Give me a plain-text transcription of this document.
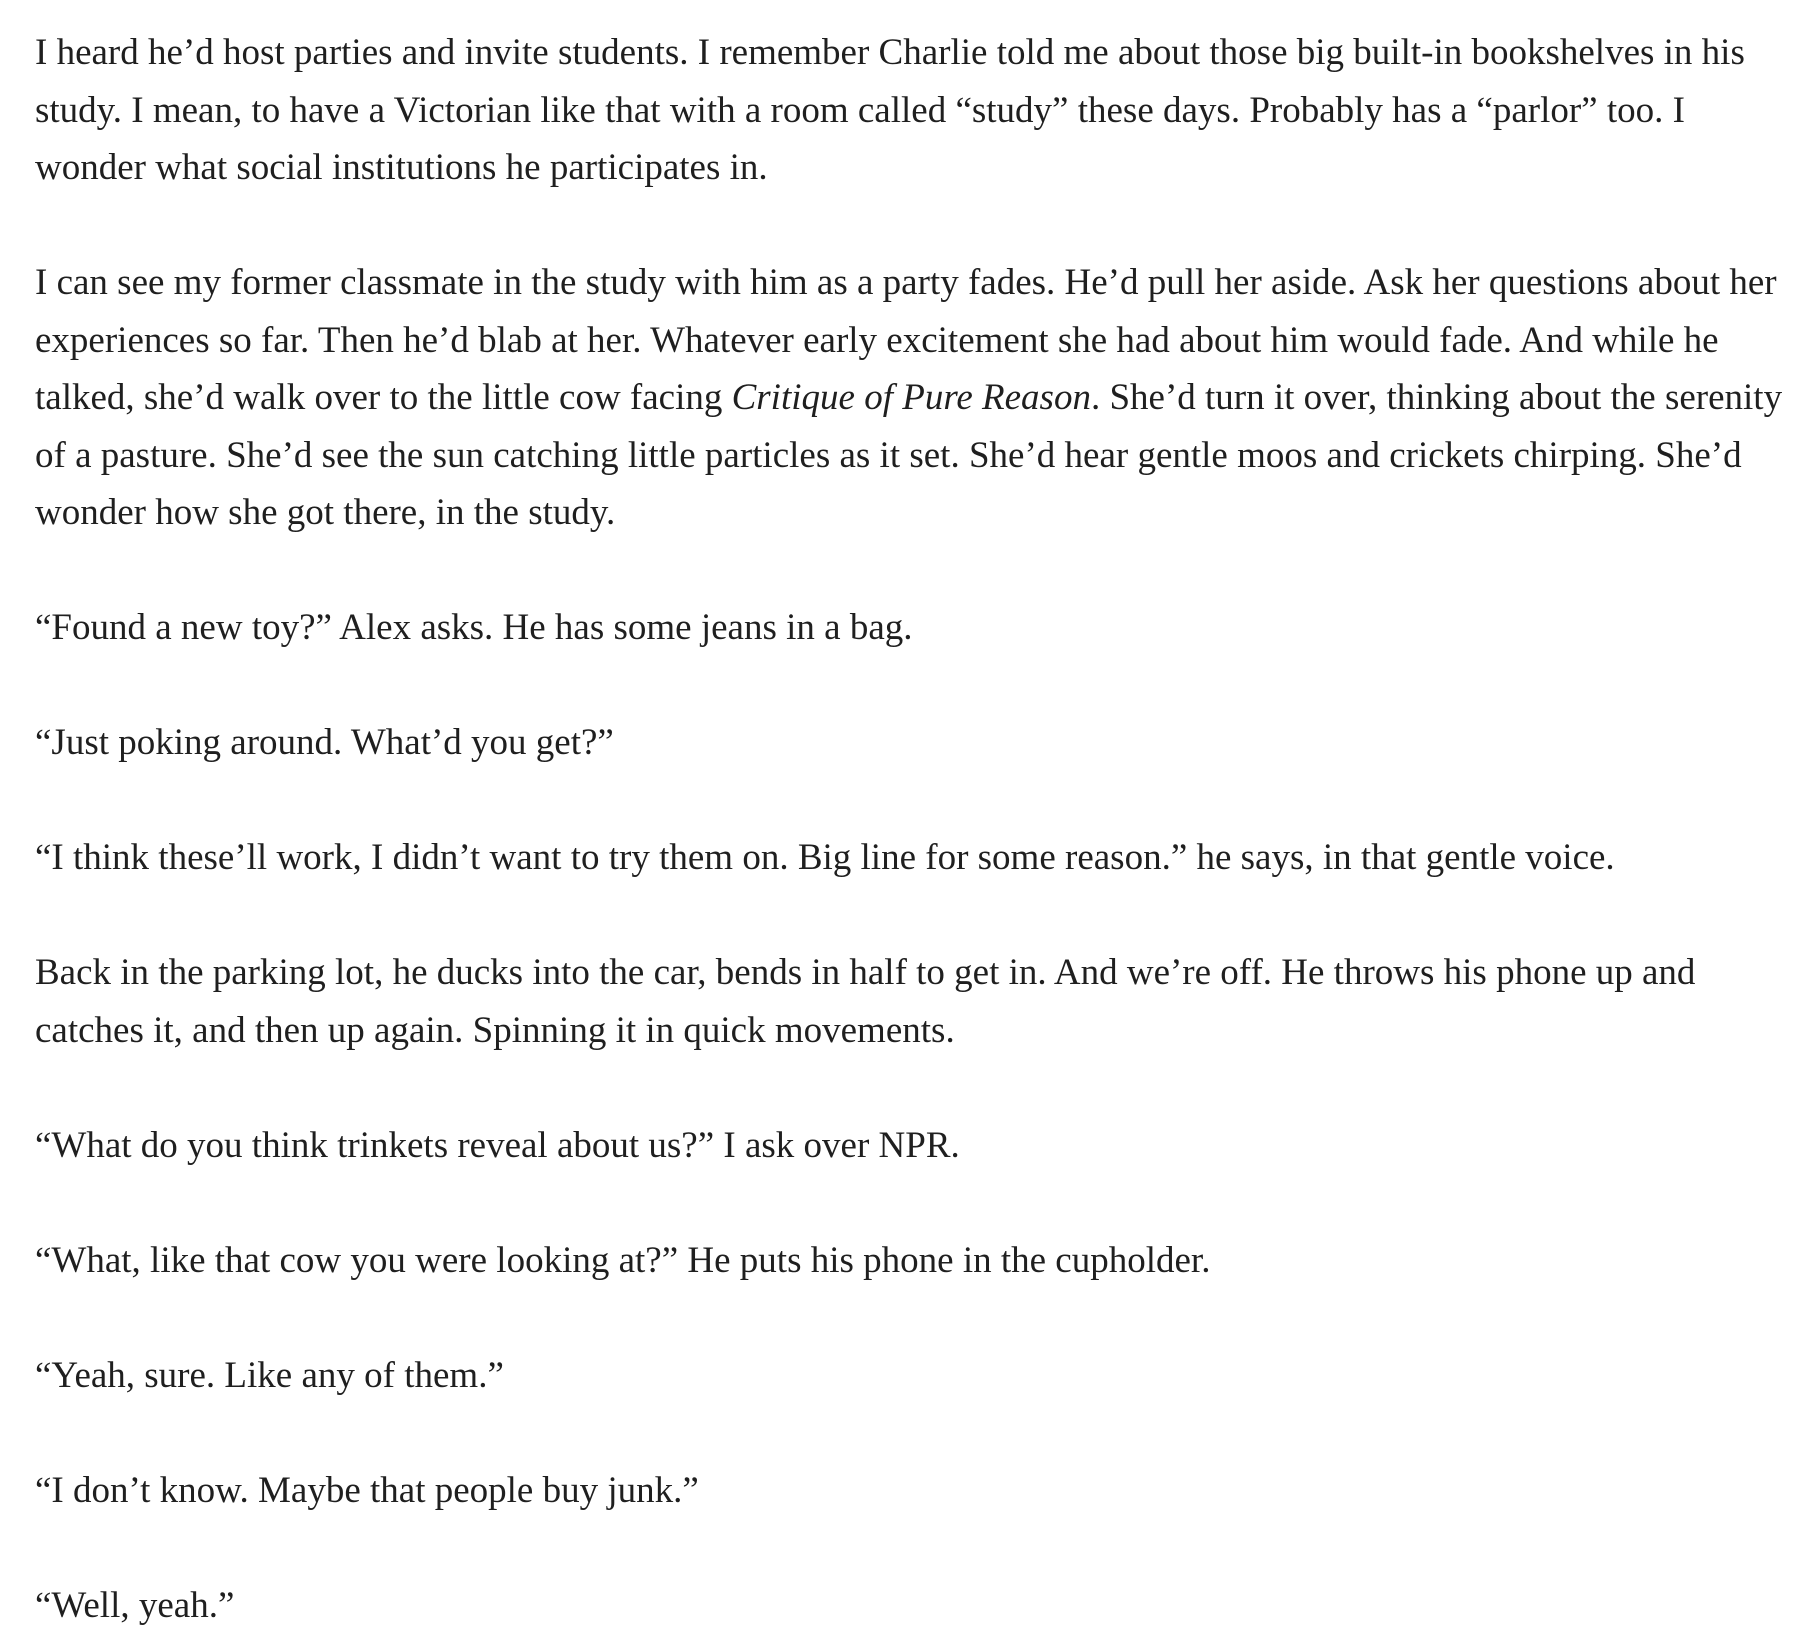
I heard he’d host parties and invite students. I remember Charlie told me about those big built-in bookshelves in his study. I mean, to have a Victorian like that with a room called “study” these days. Probably has a “parlor” too. I wonder what social institutions he participates in.

I can see my former classmate in the study with him as a party fades. He’d pull her aside. Ask her questions about her experiences so far. Then he’d blab at her. Whatever early excitement she had about him would fade. And while he talked, she’d walk over to the little cow facing Critique of Pure Reason. She’d turn it over, thinking about the serenity of a pasture. She’d see the sun catching little particles as it set. She’d hear gentle moos and crickets chirping. She’d wonder how she got there, in the study.

“Found a new toy?” Alex asks. He has some jeans in a bag.

“Just poking around. What’d you get?”

“I think these’ll work, I didn’t want to try them on. Big line for some reason.” he says, in that gentle voice.

Back in the parking lot, he ducks into the car, bends in half to get in. And we’re off. He throws his phone up and catches it, and then up again. Spinning it in quick movements.

“What do you think trinkets reveal about us?” I ask over NPR.

“What, like that cow you were looking at?” He puts his phone in the cupholder.

“Yeah, sure. Like any of them.”

“I don’t know. Maybe that people buy junk.”

“Well, yeah.”
